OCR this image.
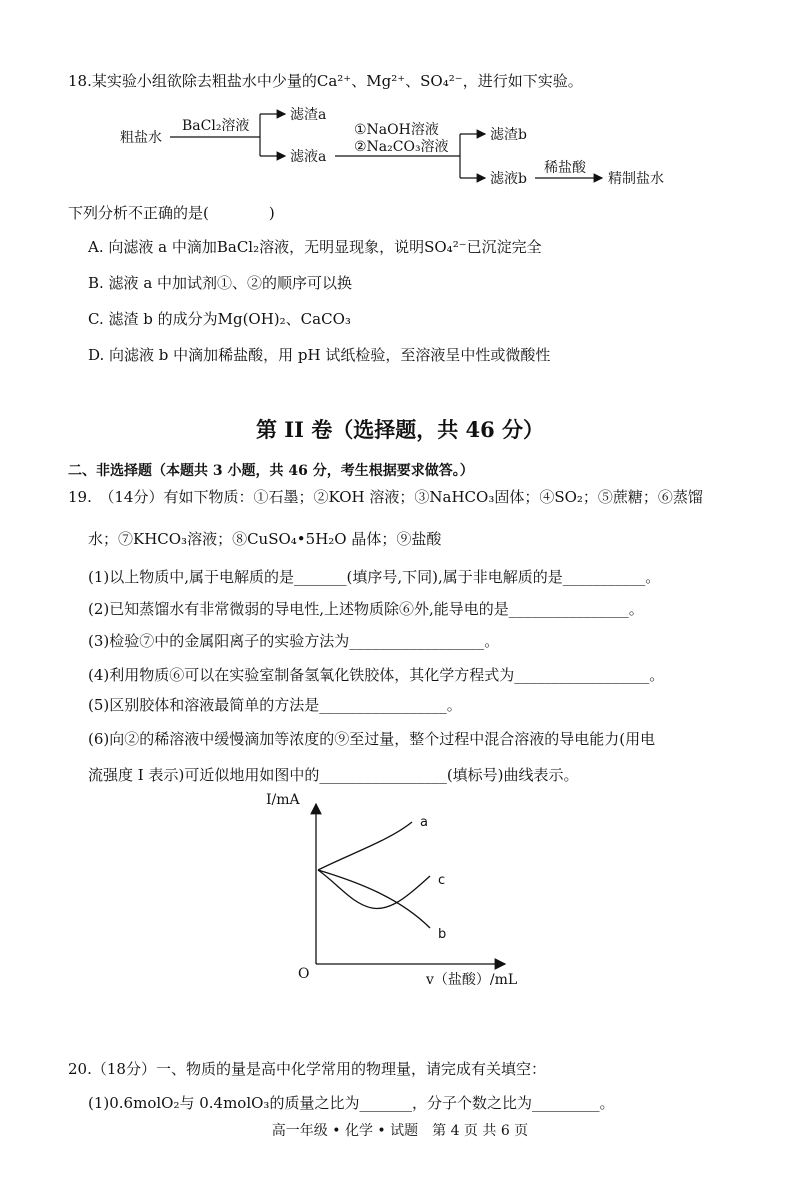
18.某实验小组欲除去粗盐水中少量的Ca²⁺、Mg²⁺、SO₄²⁻，进行如下实验。
粗盐水
BaCl₂溶液
滤渣a
滤液a
①NaOH溶液
②Na₂CO₃溶液
滤渣b
滤液b
稀盐酸
精制盐水
下列分析不正确的是(　　　　)
A. 向滤液 a 中滴加BaCl₂溶液，无明显现象，说明SO₄²⁻已沉淀完全
B. 滤液 a 中加试剂①、②的顺序可以换
C. 滤渣 b 的成分为Mg(OH)₂、CaCO₃
D. 向滤液 b 中滴加稀盐酸，用 pH 试纸检验，至溶液呈中性或微酸性
第 II 卷（选择题，共 46 分）
二、非选择题（本题共 3 小题，共 46 分，考生根据要求做答。）
19.　（14分）有如下物质：①石墨；②KOH 溶液；③NaHCO₃固体；④SO₂；⑤蔗糖；⑥蒸馏
水；⑦KHCO₃溶液；⑧CuSO₄•5H₂O 晶体；⑨盐酸
(1)以上物质中,属于电解质的是_______(填序号,下同),属于非电解质的是___________。
(2)已知蒸馏水有非常微弱的导电性,上述物质除⑥外,能导电的是________________。
(3)检验⑦中的金属阳离子的实验方法为__________________。
(4)利用物质⑥可以在实验室制备氢氧化铁胶体，其化学方程式为__________________。
(5)区别胶体和溶液最简单的方法是_________________。
(6)向②的稀溶液中缓慢滴加等浓度的⑨至过量，整个过程中混合溶液的导电能力(用电
流强度 I 表示)可近似地用如图中的_________________(填标号)曲线表示。
I/mA
v（盐酸）/mL
O
a
b
c
20.（18分）一、物质的量是高中化学常用的物理量，请完成有关填空：
(1)0.6molO₂与 0.4molO₃的质量之比为_______，分子个数之比为_________。
高一年级 • 化学 • 试题　第 4 页 共 6 页
